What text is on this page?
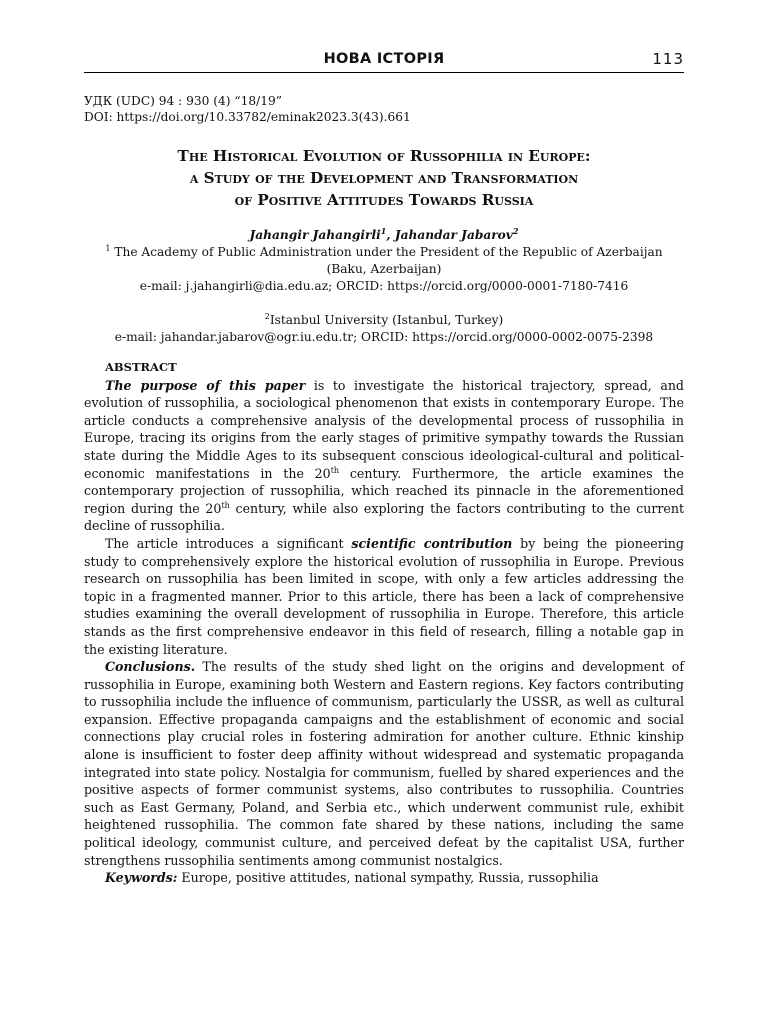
НОВА ІСТОРІЯ	113
УДК (UDC) 94 : 930 (4) “18/19”
DOI: https://doi.org/10.33782/eminak2023.3(43).661
The Historical Evolution of Russophilia in Europe:
a Study of the Development and Transformation
of Positive Attitudes Towards Russia
Jahangir Jahangirli$^1$, Jahandar Jabarov$^2$
$^1$ The Academy of Public Administration under the President of the Republic of Azerbaijan
(Baku, Azerbaijan)
e-mail: j.jahangirli@dia.edu.az; ORCID: https://orcid.org/0000-0001-7180-7416
$^2$Istanbul University (Istanbul, Turkey)
e-mail: jahandar.jabarov@ogr.iu.edu.tr; ORCID: https://orcid.org/0000-0002-0075-2398
ABSTRACT

The purpose of this paper is to investigate the historical trajectory, spread, and evolution of russophilia, a sociological phenomenon that exists in contemporary Europe. The article conducts a comprehensive analysis of the developmental process of russophilia in Europe, tracing its origins from the early stages of primitive sympathy towards the Russian state during the Middle Ages to its subsequent conscious ideological-cultural and political-economic manifestations in the 20th century. Furthermore, the article examines the contemporary projection of russophilia, which reached its pinnacle in the aforementioned region during the 20th century, while also exploring the factors contributing to the current decline of russophilia.

The article introduces a significant scientific contribution by being the pioneering study to comprehensively explore the historical evolution of russophilia in Europe. Previous research on russophilia has been limited in scope, with only a few articles addressing the topic in a fragmented manner. Prior to this article, there has been a lack of comprehensive studies examining the overall development of russophilia in Europe. Therefore, this article stands as the first comprehensive endeavor in this field of research, filling a notable gap in the existing literature.

Conclusions. The results of the study shed light on the origins and development of russophilia in Europe, examining both Western and Eastern regions. Key factors contributing to russophilia include the influence of communism, particularly the USSR, as well as cultural expansion. Effective propaganda campaigns and the establishment of economic and social connections play crucial roles in fostering admiration for another culture. Ethnic kinship alone is insufficient to foster deep affinity without widespread and systematic propaganda integrated into state policy. Nostalgia for communism, fuelled by shared experiences and the positive aspects of former communist systems, also contributes to russophilia. Countries such as East Germany, Poland, and Serbia etc., which underwent communist rule, exhibit heightened russophilia. The common fate shared by these nations, including the same political ideology, communist culture, and perceived defeat by the capitalist USA, further strengthens russophilia sentiments among communist nostalgics.

Keywords: Europe, positive attitudes, national sympathy, Russia, russophilia
